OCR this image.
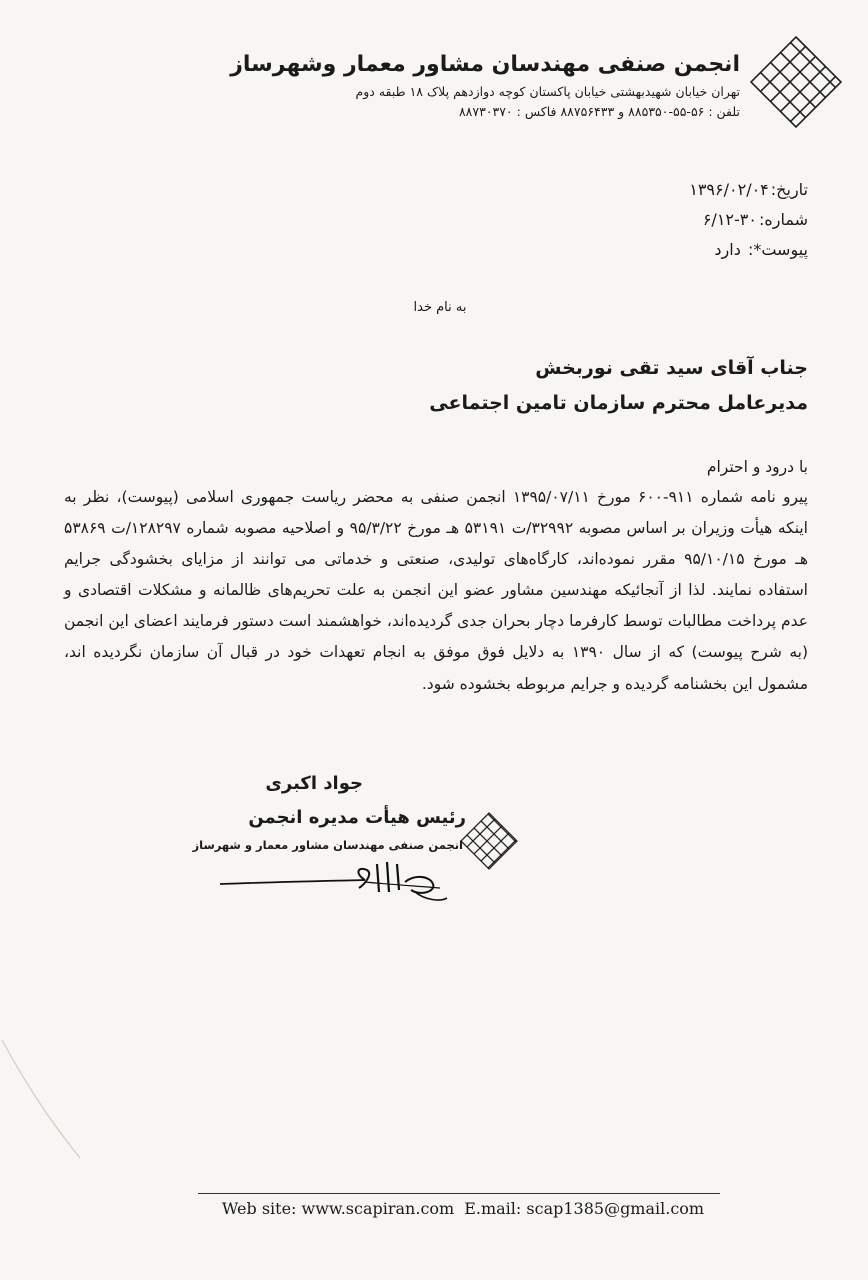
انجمن صنفی مهندسان مشاور معمار وشهرساز
تهران خیابان شهیدبهشتی خیابان پاکستان کوچه دوازدهم پلاک ۱۸ طبقه دوم
تلفن : ۵۶-۵۵-۸۸۵۳۵۰ و ۸۸۷۵۶۴۳۳ فاکس : ۸۸۷۳۰۳۷۰
تاریخ:۱۳۹۶/۰۲/۰۴
شماره:۳۰-۶/۱۲
پیوست*: دارد
به نام خدا
جناب آقای سید تقی نوربخش
مدیرعامل محترم سازمان تامین اجتماعی
با درود و احترام
پیرو نامه شماره ۹۱۱-۶۰۰ مورخ ۱۳۹۵/۰۷/۱۱ انجمن صنفی به محضر ریاست جمهوری اسلامی (پیوست)، نظر به اینکه هیأت وزیران بر اساس مصوبه ۳۲۹۹۲/ت ۵۳۱۹۱ هـ مورخ ۹۵/۳/۲۲ و اصلاحیه مصوبه شماره ۱۲۸۲۹۷/ت ۵۳۸۶۹ هـ مورخ ۹۵/۱۰/۱۵ مقرر نموده‌اند، کارگاه‌های تولیدی، صنعتی و خدماتی می توانند از مزایای بخشودگی جرایم استفاده نمایند. لذا از آنجائیکه مهندسین مشاور عضو این انجمن به علت تحریم‌های ظالمانه و مشکلات اقتصادی و عدم پرداخت مطالبات توسط کارفرما دچار بحران جدی گردیده‌اند، خواهشمند است دستور فرمایند اعضای این انجمن (به شرح پیوست) که از سال ۱۳۹۰ به دلایل فوق موفق به انجام تعهدات خود در قبال آن سازمان نگردیده اند، مشمول این بخشنامه گردیده و جرایم مربوطه بخشوده شود.
جواد اکبری
رئیس هیأت مدیره انجمن
انجمن صنفی مهندسان مشاور معمار و شهرساز
Web site: www.scapiran.com E.mail: scap1385@gmail.com
